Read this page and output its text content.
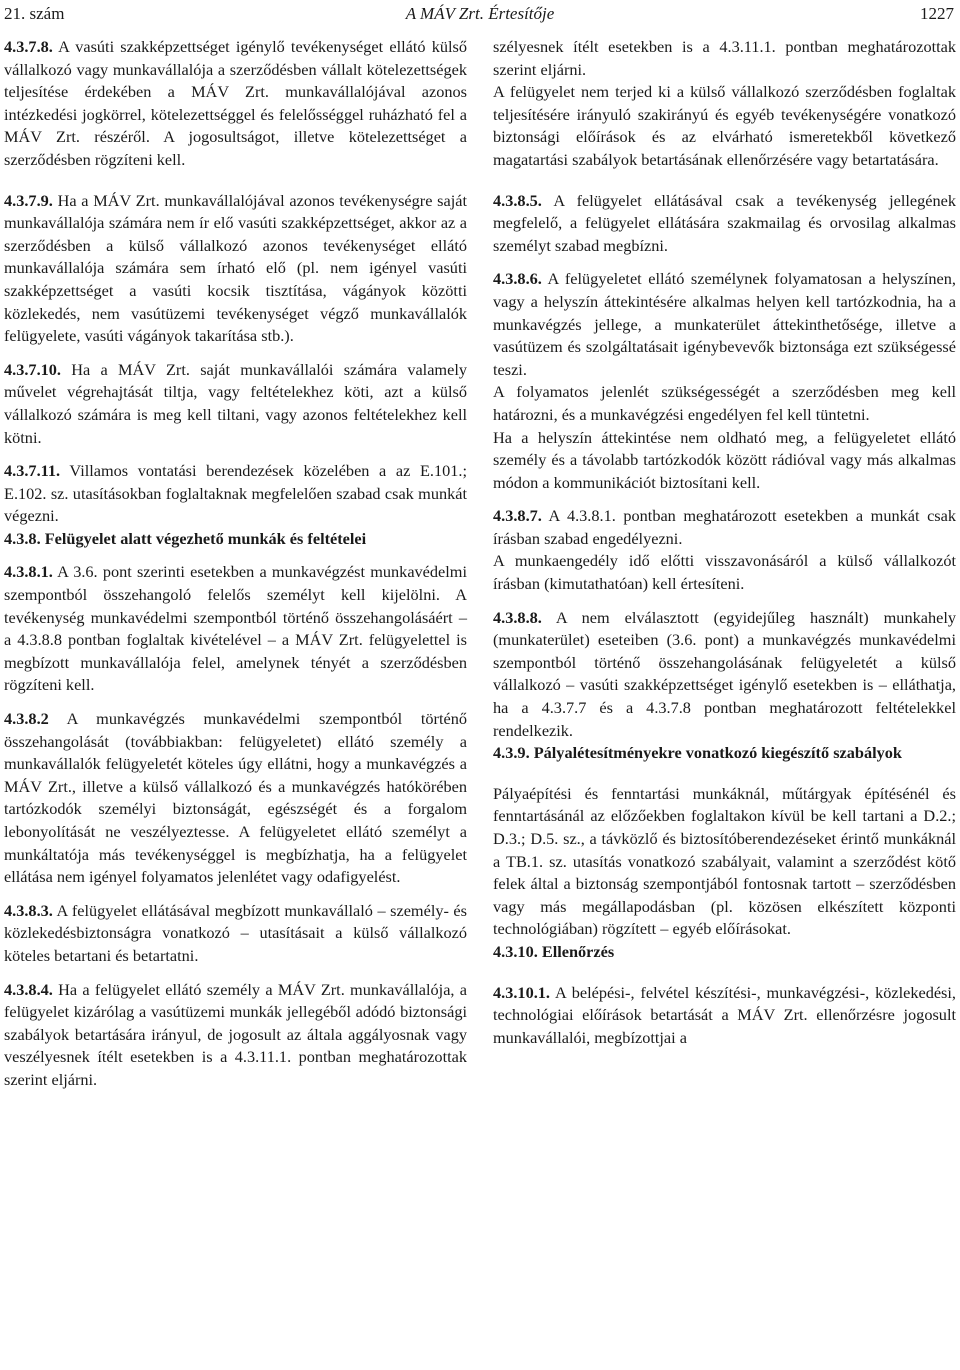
21. szám	A MÁV Zrt. Értesítője	1227

4.3.7.8. A vasúti szakképzettséget igénylő tevékenységet ellátó külső vállalkozó vagy munkavállalója a szerződésben vállalt kötelezettségek teljesítése érdekében a MÁV Zrt. munkavállalójával azonos intézkedési jogkörrel, kötelezettséggel és felelősséggel ruházható fel a MÁV Zrt. részéről. A jogosultságot, illetve kötelezettséget a szerződésben rögzíteni kell.

4.3.7.9. Ha a MÁV Zrt. munkavállalójával azonos tevékenységre saját munkavállalója számára nem ír elő vasúti szakképzettséget, akkor az a szerződésben a külső vállalkozó azonos tevékenységet ellátó munkavállalója számára sem írható elő (pl. nem igényel vasúti szakképzettséget a vasúti kocsik tisztítása, vágányok közötti közlekedés, nem vasútüzemi tevékenységet végző munkavállalók felügyelete, vasúti vágányok takarítása stb.).

4.3.7.10. Ha a MÁV Zrt. saját munkavállalói számára valamely művelet végrehajtását tiltja, vagy feltételekhez köti, azt a külső vállalkozó számára is meg kell tiltani, vagy azonos feltételekhez kell kötni.

4.3.7.11. Villamos vontatási berendezések közelében a az E.101.; E.102. sz. utasításokban foglaltaknak megfelelően szabad csak munkát végezni.

4.3.8. Felügyelet alatt végezhető munkák és feltételei

4.3.8.1. A 3.6. pont szerinti esetekben a munkavégzést munkavédelmi szempontból összehangoló felelős személyt kell kijelölni. A tevékenység munkavédelmi szempontból történő összehangolásáért – a 4.3.8.8 pontban foglaltak kivételével – a MÁV Zrt. felügyelettel is megbízott munkavállalója felel, amelynek tényét a szerződésben rögzíteni kell.

4.3.8.2 A munkavégzés munkavédelmi szempontból történő összehangolását (továbbiakban: felügyeletet) ellátó személy a munkavállalók felügyeletét köteles úgy ellátni, hogy a munkavégzés a MÁV Zrt., illetve a külső vállalkozó és a munkavégzés hatókörében tartózkodók személyi biztonságát, egészségét és a forgalom lebonyolítását ne veszélyeztesse. A felügyeletet ellátó személyt a munkáltatója más tevékenységgel is megbízhatja, ha a felügyelet ellátása nem igényel folyamatos jelenlétet vagy odafigyelést.

4.3.8.3. A felügyelet ellátásával megbízott munkavállaló – személy- és közlekedésbiztonságra vonatkozó – utasításait a külső vállalkozó köteles betartani és betartatni.

4.3.8.4. Ha a felügyelet ellátó személy a MÁV Zrt. munkavállalója, a felügyelet kizárólag a vasútüzemi munkák jellegéből adódó biztonsági szabályok betartására irányul, de jogosult az általa aggályosnak vagy veszélyesnek ítélt esetekben is a 4.3.11.1. pontban meghatározottak szerint eljárni.

szélyesnek ítélt esetekben is a 4.3.11.1. pontban meghatározottak szerint eljárni.

A felügyelet nem terjed ki a külső vállalkozó szerződésben foglaltak teljesítésére irányuló szakirányú és egyéb tevékenységére vonatkozó biztonsági előírások és az elvárható ismeretekből következő magatartási szabályok betartásának ellenőrzésére vagy betartatására.

4.3.8.5. A felügyelet ellátásával csak a tevékenység jellegének megfelelő, a felügyelet ellátására szakmailag és orvosilag alkalmas személyt szabad megbízni.

4.3.8.6. A felügyeletet ellátó személynek folyamatosan a helyszínen, vagy a helyszín áttekintésére alkalmas helyen kell tartózkodnia, ha a munkavégzés jellege, a munkaterület áttekinthetősége, illetve a vasútüzem és szolgáltatásait igénybevevők biztonsága ezt szükségessé teszi.

A folyamatos jelenlét szükségességét a szerződésben meg kell határozni, és a munkavégzési engedélyen fel kell tüntetni.

Ha a helyszín áttekintése nem oldható meg, a felügyeletet ellátó személy és a távolabb tartózkodók között rádióval vagy más alkalmas módon a kommunikációt biztosítani kell.

4.3.8.7. A 4.3.8.1. pontban meghatározott esetekben a munkát csak írásban szabad engedélyezni.

A munkaengedély idő előtti visszavonásáról a külső vállalkozót írásban (kimutathatóan) kell értesíteni.

4.3.8.8. A nem elválasztott (egyidejűleg használt) munkahely (munkaterület) eseteiben (3.6. pont) a munkavégzés munkavédelmi szempontból történő összehangolásának felügyeletét a külső vállalkozó – vasúti szakképzettséget igénylő esetekben is – elláthatja, ha a 4.3.7.7 és a 4.3.7.8 pontban meghatározott feltételekkel rendelkezik.

4.3.9. Pályalétesítményekre vonatkozó kiegészítő szabályok

Pályaépítési és fenntartási munkáknál, műtárgyak építésénél és fenntartásánál az előzőekben foglaltakon kívül be kell tartani a D.2.; D.3.; D.5. sz., a távközlő és biztosítóberendezéseket érintő munkáknál a TB.1. sz. utasítás vonatkozó szabályait, valamint a szerződést kötő felek által a biztonság szempontjából fontosnak tartott – szerződésben vagy más megállapodásban (pl. közösen elkészített központi technológiában) rögzített – egyéb előírásokat.

4.3.10. Ellenőrzés

4.3.10.1. A belépési-, felvétel készítési-, munkavégzési-, közlekedési, technológiai előírások betartását a MÁV Zrt. ellenőrzésre jogosult munkavállalói, megbízottjai a
